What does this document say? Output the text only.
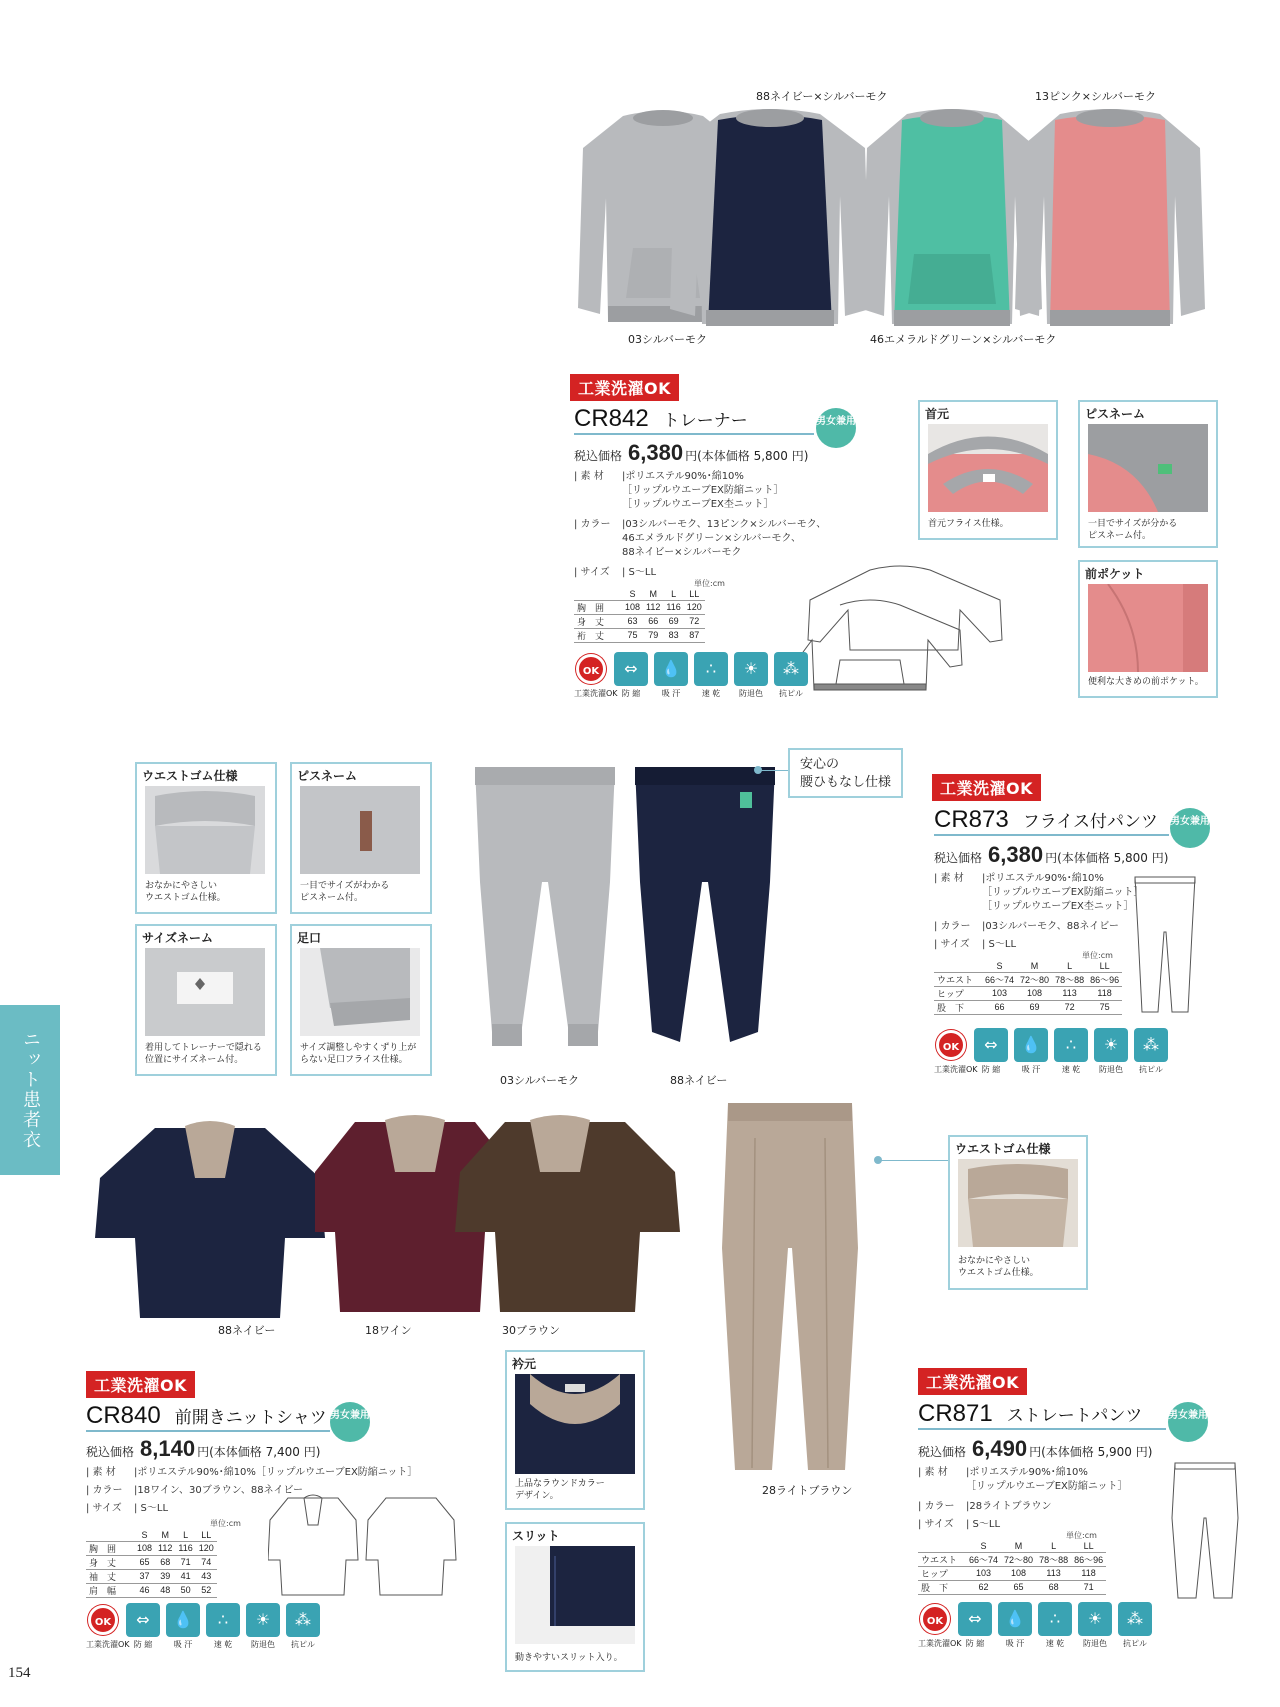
88ネイビー×シルバーモク	13ピンク×シルバーモク
03シルバーモク	46エメラルドグリーン×シルバーモク
工業洗濯OK
CR842 トレーナー	男女兼用
税込価格 6,380 円(本体価格 5,800 円)
| 素 材	|ポリエステル90%･綿10%
［リップルウエーブEX防縮ニット］
［リップルウエーブEX杢ニット］
| カラー	|03シルバーモク、13ピンク×シルバーモク、
46エメラルドグリーン×シルバーモク、
88ネイビー×シルバーモク
| サイズ	| S〜LL
単位:cm
	S	M	L	LL
胸　囲	108	112	116	120
身　丈	63	66	69	72
裄　丈	75	79	83	87
OK
工業洗濯OK
⇔
防 縮
💧
吸 汗
∴
速 乾
☀
防退色
⁂
抗ピル
首元
首元フライス仕様。
ピスネーム
一目でサイズが分かる
ピスネーム付。
前ポケット
便利な大きめの前ポケット。
ウエストゴム仕様
おなかにやさしい
ウエストゴム仕様。
ピスネーム
一目でサイズがわかる
ピスネーム付。
サイズネーム
着用してトレーナーで隠れる
位置にサイズネーム付。
足口
サイズ調整しやすくずり上が
らない足口フライス仕様。
03シルバーモク	88ネイビー
安心の
腰ひもなし仕様	工業洗濯OK
CR873 フライス付パンツ 男女兼用
税込価格 6,380 円(本体価格 5,800 円)
| 素 材	|ポリエステル90%･綿10%
［リップルウエーブEX防縮ニット］
［リップルウエーブEX杢ニット］
| カラー	|03シルバーモク、88ネイビー
| サイズ	| S〜LL
単位:cm
	S	M	L	LL
ウエスト	66〜74	72〜80	78〜88	86〜96
ヒップ	103	108	113	118
股　下	66	69	72	75
OK
工業洗濯OK
⇔
防 縮
💧
吸 汗
∴
速 乾
☀
防退色
⁂
抗ピル
ニット患者衣
88ネイビー	18ワイン	30ブラウン
工業洗濯OK
CR840 前開きニットシャツ 男女兼用
税込価格 8,140 円(本体価格 7,400 円)
| 素 材	|ポリエステル90%･綿10%［リップルウエーブEX防縮ニット］
| カラー	|18ワイン、30ブラウン、88ネイビー
| サイズ	| S〜LL
単位:cm
	S	M	L	LL
胸　囲	108	112	116	120
身　丈	65	68	71	74
袖　丈	37	39	41	43
肩　幅	46	48	50	52
OK
工業洗濯OK
⇔
防 縮
💧
吸 汗
∴
速 乾
☀
防退色
⁂
抗ピル
衿元
上品なラウンドカラー
デザイン。
スリット
動きやすいスリット入り。
28ライトブラウン
ウエストゴム仕様
おなかにやさしい
ウエストゴム仕様。
工業洗濯OK
CR871 ストレートパンツ	男女兼用
税込価格 6,490 円(本体価格 5,900 円)
| 素 材	|ポリエステル90%･綿10%
［リップルウエーブEX防縮ニット］
| カラー	|28ライトブラウン
| サイズ	| S〜LL
単位:cm
	S	M	L	LL
ウエスト	66〜74	72〜80	78〜88	86〜96
ヒップ	103	108	113	118
股　下	62	65	68	71
OK
工業洗濯OK
⇔
防 縮
💧
吸 汗
∴
速 乾
☀
防退色
⁂
抗ピル
154
